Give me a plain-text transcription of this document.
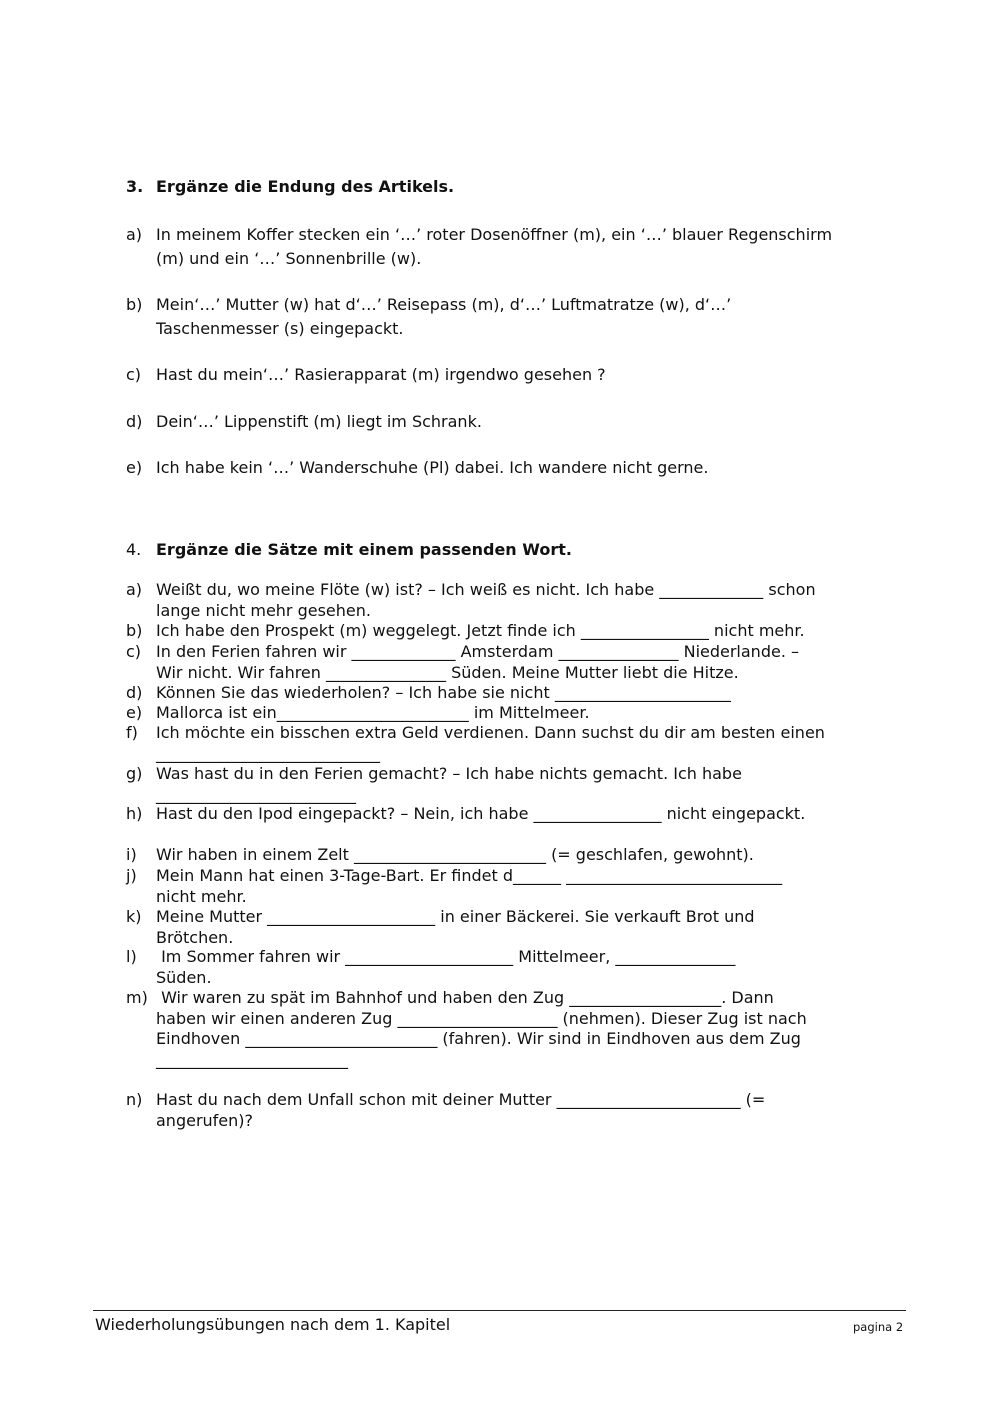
3. Ergänze die Endung des Artikels.
a) In meinem Koffer stecken ein ‘…’ roter Dosenöffner (m), ein ‘…’ blauer Regenschirm
(m) und ein ‘…’ Sonnenbrille (w).
b) Mein‘…’ Mutter (w) hat d‘…’ Reisepass (m), d‘…’ Luftmatratze (w), d‘…’
Taschenmesser (s) eingepackt.
c) Hast du mein‘…’ Rasierapparat (m) irgendwo gesehen ?
d) Dein‘…’ Lippenstift (m) liegt im Schrank.
e) Ich habe kein ‘…’ Wanderschuhe (Pl) dabei. Ich wandere nicht gerne.
4. Ergänze die Sätze mit einem passenden Wort.
a) Weißt du, wo meine Flöte (w) ist? – Ich weiß es nicht. Ich habe _____________ schon
lange nicht mehr gesehen.
b) Ich habe den Prospekt (m) weggelegt. Jetzt finde ich ________________ nicht mehr.
c) In den Ferien fahren wir _____________ Amsterdam _______________ Niederlande. –
Wir nicht. Wir fahren _______________ Süden. Meine Mutter liebt die Hitze.
d) Können Sie das wiederholen? – Ich habe sie nicht ______________________
e) Mallorca ist ein________________________ im Mittelmeer.
f) Ich möchte ein bisschen extra Geld verdienen. Dann suchst du dir am besten einen
____________________________
g) Was hast du in den Ferien gemacht? – Ich habe nichts gemacht. Ich habe
_________________________
h) Hast du den Ipod eingepackt? – Nein, ich habe ________________ nicht eingepackt.
i) Wir haben in einem Zelt ________________________ (= geschlafen, gewohnt).
j) Mein Mann hat einen 3-Tage-Bart. Er findet d______ ___________________________
nicht mehr.
k) Meine Mutter _____________________ in einer Bäckerei. Sie verkauft Brot und
Brötchen.
l) Im Sommer fahren wir _____________________ Mittelmeer, _______________
Süden.
m) Wir waren zu spät im Bahnhof und haben den Zug ___________________. Dann
haben wir einen anderen Zug ____________________ (nehmen). Dieser Zug ist nach
Eindhoven ________________________ (fahren). Wir sind in Eindhoven aus dem Zug
________________________
n) Hast du nach dem Unfall schon mit deiner Mutter _______________________ (=
angerufen)?
Wiederholungsübungen nach dem 1. Kapitel	pagina 2
